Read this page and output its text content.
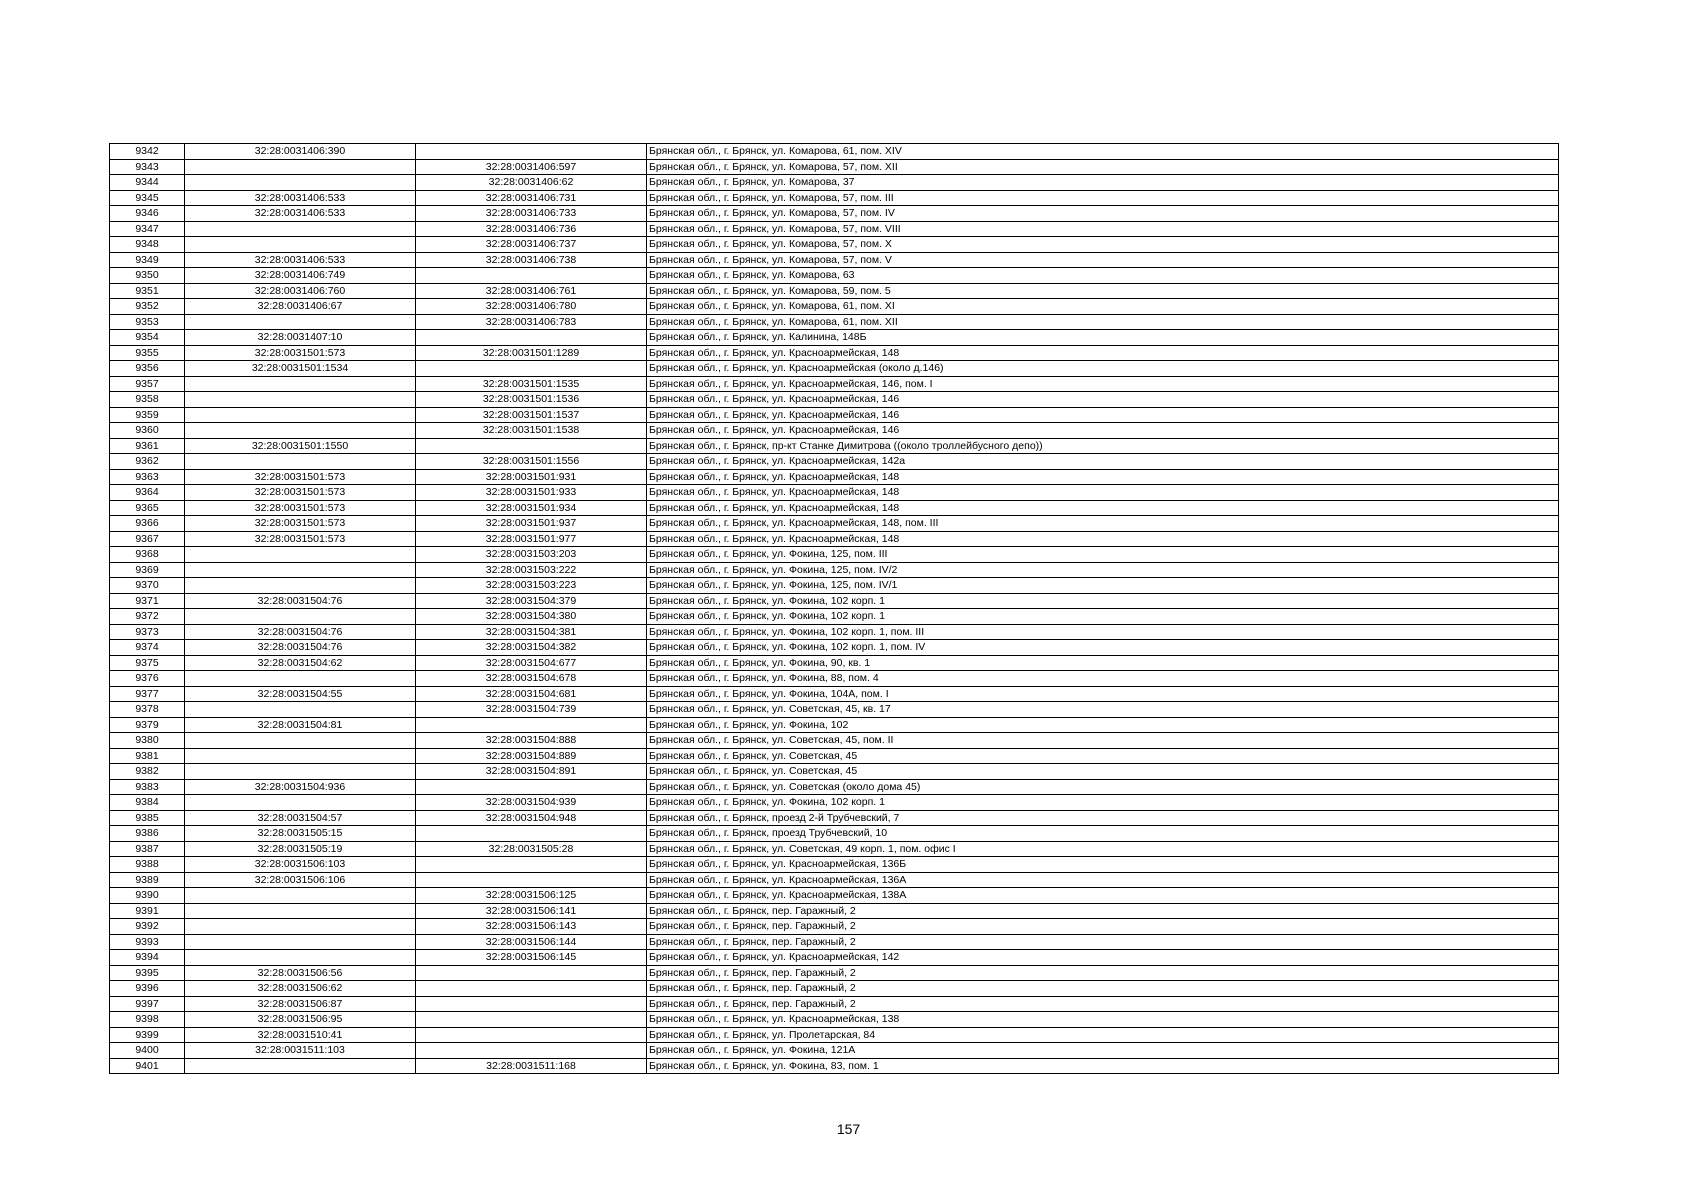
9342	32:28:0031406:390		Брянская обл., г. Брянск, ул. Комарова, 61, пом. XIV
9343		32:28:0031406:597	Брянская обл., г. Брянск, ул. Комарова, 57, пом. XII
9344		32:28:0031406:62	Брянская обл., г. Брянск, ул. Комарова, 37
9345	32:28:0031406:533	32:28:0031406:731	Брянская обл., г. Брянск, ул. Комарова, 57, пом. III
9346	32:28:0031406:533	32:28:0031406:733	Брянская обл., г. Брянск, ул. Комарова, 57, пом. IV
9347		32:28:0031406:736	Брянская обл., г. Брянск, ул. Комарова, 57, пом. VIII
9348		32:28:0031406:737	Брянская обл., г. Брянск, ул. Комарова, 57, пом. X
9349	32:28:0031406:533	32:28:0031406:738	Брянская обл., г. Брянск, ул. Комарова, 57, пом. V
9350	32:28:0031406:749		Брянская обл., г. Брянск, ул. Комарова, 63
9351	32:28:0031406:760	32:28:0031406:761	Брянская обл., г. Брянск, ул. Комарова, 59, пом. 5
9352	32:28:0031406:67	32:28:0031406:780	Брянская обл., г. Брянск, ул. Комарова, 61, пом. XI
9353		32:28:0031406:783	Брянская обл., г. Брянск, ул. Комарова, 61, пом. XII
9354	32:28:0031407:10		Брянская обл., г. Брянск, ул. Калинина, 148Б
9355	32:28:0031501:573	32:28:0031501:1289	Брянская обл., г. Брянск, ул. Красноармейская, 148
9356	32:28:0031501:1534		Брянская обл., г. Брянск, ул. Красноармейская (около д.146)
9357		32:28:0031501:1535	Брянская обл., г. Брянск, ул. Красноармейская, 146, пом. I
9358		32:28:0031501:1536	Брянская обл., г. Брянск, ул. Красноармейская, 146
9359		32:28:0031501:1537	Брянская обл., г. Брянск, ул. Красноармейская, 146
9360		32:28:0031501:1538	Брянская обл., г. Брянск, ул. Красноармейская, 146
9361	32:28:0031501:1550		Брянская обл., г. Брянск, пр-кт Станке Димитрова ((около троллейбусного депо))
9362		32:28:0031501:1556	Брянская обл., г. Брянск, ул. Красноармейская, 142а
9363	32:28:0031501:573	32:28:0031501:931	Брянская обл., г. Брянск, ул. Красноармейская, 148
9364	32:28:0031501:573	32:28:0031501:933	Брянская обл., г. Брянск, ул. Красноармейская, 148
9365	32:28:0031501:573	32:28:0031501:934	Брянская обл., г. Брянск, ул. Красноармейская, 148
9366	32:28:0031501:573	32:28:0031501:937	Брянская обл., г. Брянск, ул. Красноармейская, 148, пом. III
9367	32:28:0031501:573	32:28:0031501:977	Брянская обл., г. Брянск, ул. Красноармейская, 148
9368		32:28:0031503:203	Брянская обл., г. Брянск, ул. Фокина, 125, пом. III
9369		32:28:0031503:222	Брянская обл., г. Брянск, ул. Фокина, 125, пом. IV/2
9370		32:28:0031503:223	Брянская обл., г. Брянск, ул. Фокина, 125, пом. IV/1
9371	32:28:0031504:76	32:28:0031504:379	Брянская обл., г. Брянск, ул. Фокина, 102 корп. 1
9372		32:28:0031504:380	Брянская обл., г. Брянск, ул. Фокина, 102 корп. 1
9373	32:28:0031504:76	32:28:0031504:381	Брянская обл., г. Брянск, ул. Фокина, 102 корп. 1, пом. III
9374	32:28:0031504:76	32:28:0031504:382	Брянская обл., г. Брянск, ул. Фокина, 102 корп. 1, пом. IV
9375	32:28:0031504:62	32:28:0031504:677	Брянская обл., г. Брянск, ул. Фокина, 90, кв. 1
9376		32:28:0031504:678	Брянская обл., г. Брянск, ул. Фокина, 88, пом. 4
9377	32:28:0031504:55	32:28:0031504:681	Брянская обл., г. Брянск, ул. Фокина, 104А, пом. I
9378		32:28:0031504:739	Брянская обл., г. Брянск, ул. Советская, 45, кв. 17
9379	32:28:0031504:81		Брянская обл., г. Брянск, ул. Фокина, 102
9380		32:28:0031504:888	Брянская обл., г. Брянск, ул. Советская, 45, пом. II
9381		32:28:0031504:889	Брянская обл., г. Брянск, ул. Советская, 45
9382		32:28:0031504:891	Брянская обл., г. Брянск, ул. Советская, 45
9383	32:28:0031504:936		Брянская обл., г. Брянск, ул. Советская (около дома 45)
9384		32:28:0031504:939	Брянская обл., г. Брянск, ул. Фокина, 102 корп. 1
9385	32:28:0031504:57	32:28:0031504:948	Брянская обл., г. Брянск, проезд 2-й Трубчевский, 7
9386	32:28:0031505:15		Брянская обл., г. Брянск, проезд Трубчевский, 10
9387	32:28:0031505:19	32:28:0031505:28	Брянская обл., г. Брянск, ул. Советская, 49 корп. 1, пом. офис I
9388	32:28:0031506:103		Брянская обл., г. Брянск, ул. Красноармейская, 136Б
9389	32:28:0031506:106		Брянская обл., г. Брянск, ул. Красноармейская, 136А
9390		32:28:0031506:125	Брянская обл., г. Брянск, ул. Красноармейская, 138А
9391		32:28:0031506:141	Брянская обл., г. Брянск, пер. Гаражный, 2
9392		32:28:0031506:143	Брянская обл., г. Брянск, пер. Гаражный, 2
9393		32:28:0031506:144	Брянская обл., г. Брянск, пер. Гаражный, 2
9394		32:28:0031506:145	Брянская обл., г. Брянск, ул. Красноармейская, 142
9395	32:28:0031506:56		Брянская обл., г. Брянск, пер. Гаражный, 2
9396	32:28:0031506:62		Брянская обл., г. Брянск, пер. Гаражный, 2
9397	32:28:0031506:87		Брянская обл., г. Брянск, пер. Гаражный, 2
9398	32:28:0031506:95		Брянская обл., г. Брянск, ул. Красноармейская, 138
9399	32:28:0031510:41		Брянская обл., г. Брянск, ул. Пролетарская, 84
9400	32:28:0031511:103		Брянская обл., г. Брянск, ул. Фокина, 121А
9401		32:28:0031511:168	Брянская обл., г. Брянск, ул. Фокина, 83, пом. 1
157
